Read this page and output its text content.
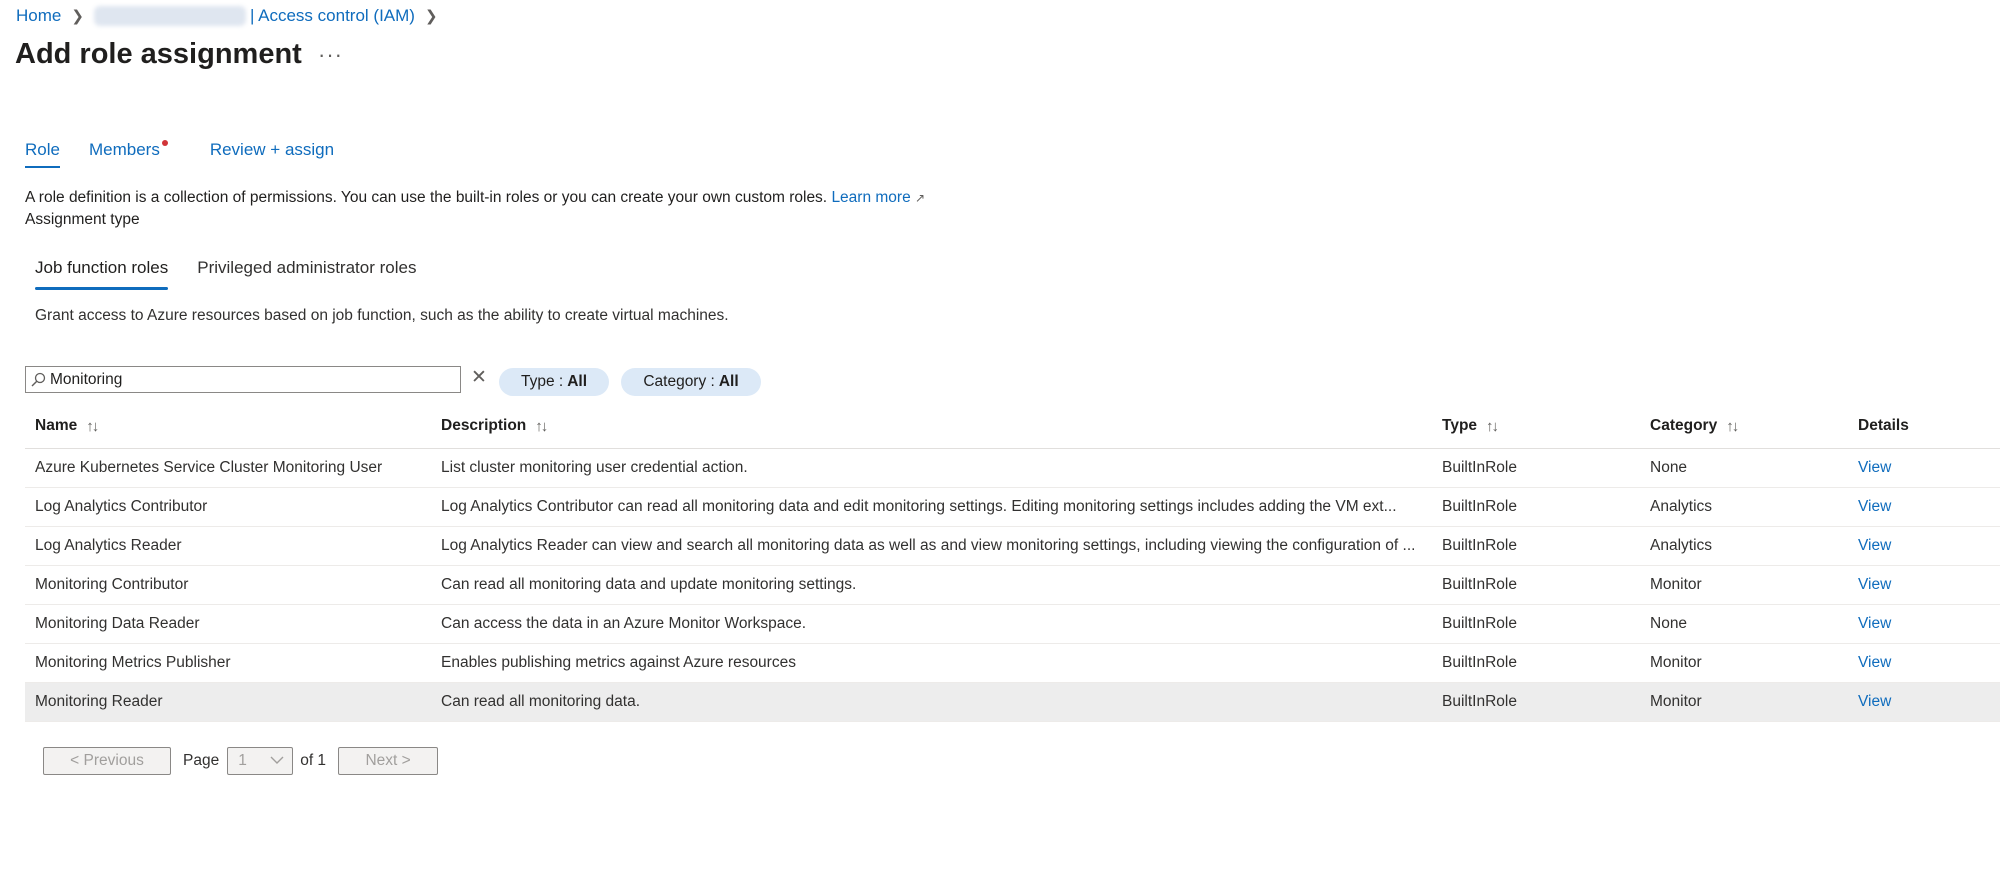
Home ❯	| Access control (IAM) ❯
Add role assignment ···
Role Members	Review + assign
A role definition is a collection of permissions. You can use the built-in roles or you can create your own custom roles. Learn more ↗
Assignment type
Job function roles Privileged administrator roles
Grant access to Azure resources based on job function, such as the ability to create virtual machines.
Monitoring
✕ Type : All	Category : All
Name ↑↓	Description ↑↓	Type ↑↓	Category ↑↓	Details
Azure Kubernetes Service Cluster Monitoring User	List cluster monitoring user credential action.	BuiltInRole	None	View
Log Analytics Contributor	Log Analytics Contributor can read all monitoring data and edit monitoring settings. Editing monitoring settings includes adding the VM ext...	BuiltInRole	Analytics	View
Log Analytics Reader	Log Analytics Reader can view and search all monitoring data as well as and view monitoring settings, including viewing the configuration of ...	BuiltInRole	Analytics	View
Monitoring Contributor	Can read all monitoring data and update monitoring settings.	BuiltInRole	Monitor	View
Monitoring Data Reader	Can access the data in an Azure Monitor Workspace.	BuiltInRole	None	View
Monitoring Metrics Publisher	Enables publishing metrics against Azure resources	BuiltInRole	Monitor	View
Monitoring Reader	Can read all monitoring data.	BuiltInRole	Monitor	View
< Previous	Page 1	of 1	Next >
